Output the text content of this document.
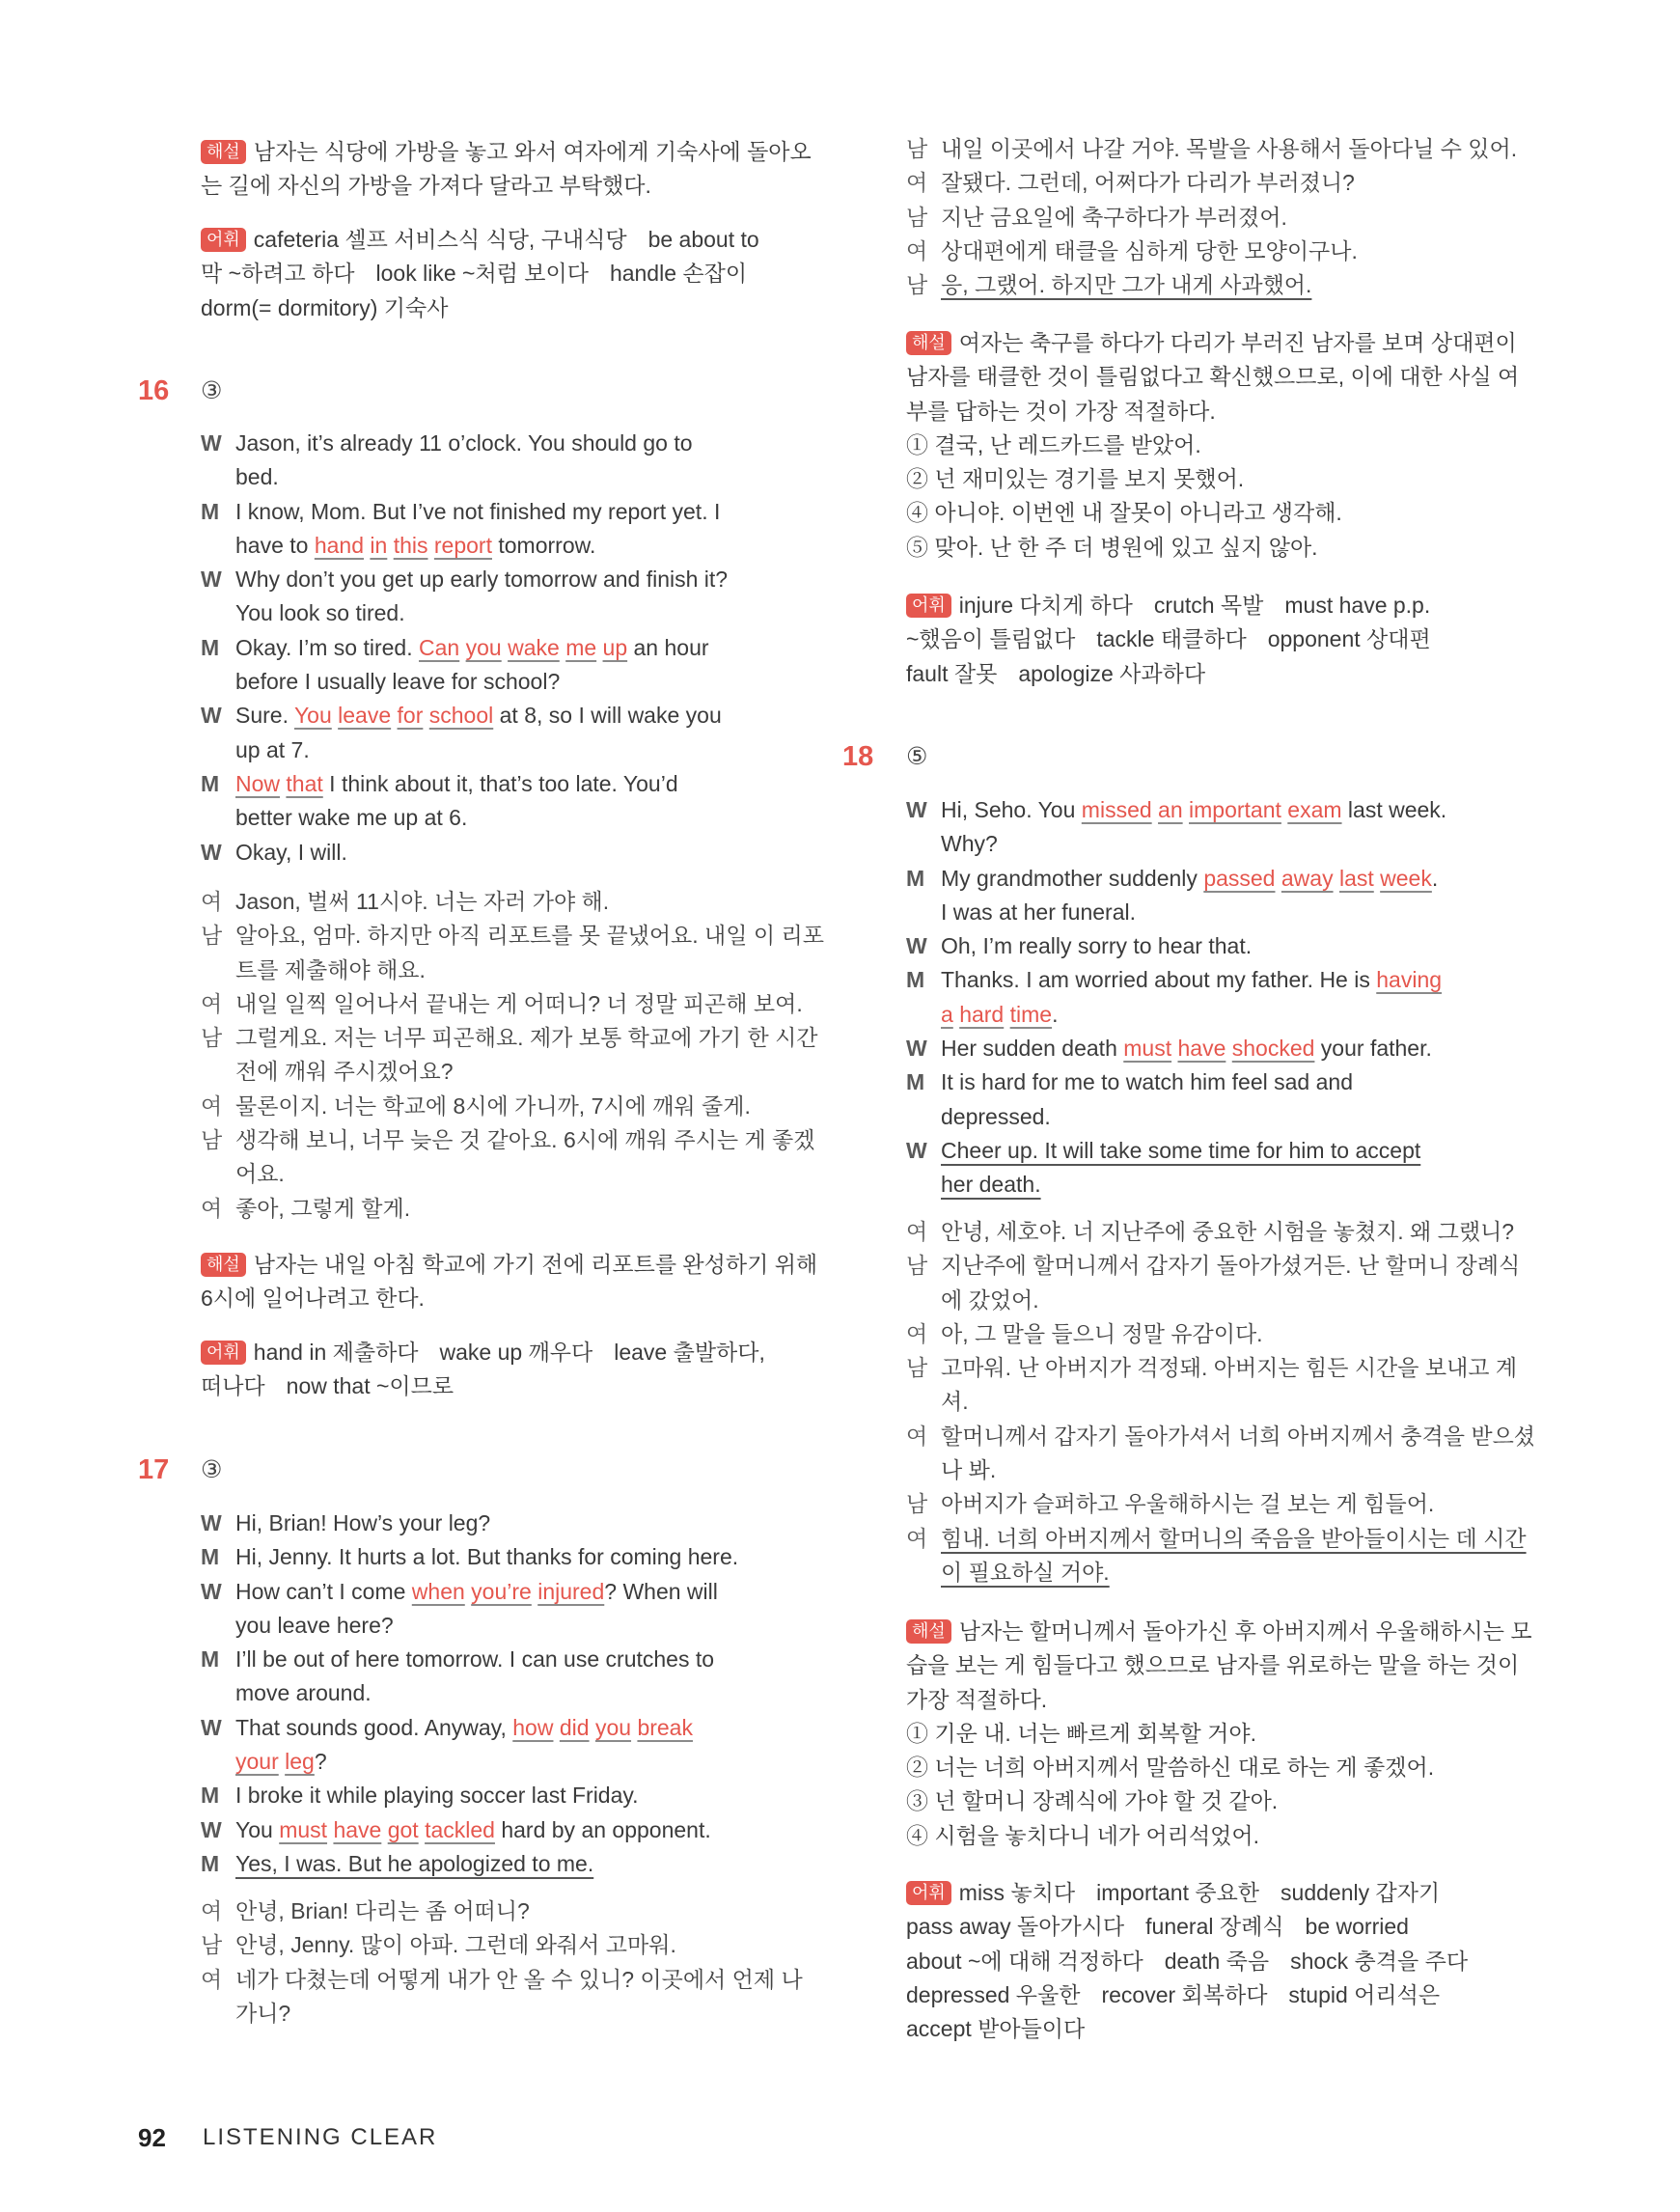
해설 남자는 식당에 가방을 놓고 와서 여자에게 기숙사에 돌아오
는 길에 자신의 가방을 가져다 달라고 부탁했다.
어휘 cafeteria 셀프 서비스식 식당, 구내식당 be about to
막 ~하려고 하다 look like ~처럼 보이다 handle 손잡이
dorm(= dormitory) 기숙사
16 ③
W Jason, it’s already 11 o’clock. You should go to
bed.
M I know, Mom. But I’ve not finished my report yet. I
have to hand in this report tomorrow.
W Why don’t you get up early tomorrow and finish it?
You look so tired.
M Okay. I’m so tired. Can you wake me up an hour
before I usually leave for school?
W Sure. You leave for school at 8, so I will wake you
up at 7.
M Now that I think about it, that’s too late. You’d
better wake me up at 6.
W Okay, I will.
여 Jason, 벌써 11시야. 너는 자러 가야 해.
남 알아요, 엄마. 하지만 아직 리포트를 못 끝냈어요. 내일 이 리포
트를 제출해야 해요.
여 내일 일찍 일어나서 끝내는 게 어떠니? 너 정말 피곤해 보여.
남 그럴게요. 저는 너무 피곤해요. 제가 보통 학교에 가기 한 시간
전에 깨워 주시겠어요?
여 물론이지. 너는 학교에 8시에 가니까, 7시에 깨워 줄게.
남 생각해 보니, 너무 늦은 것 같아요. 6시에 깨워 주시는 게 좋겠
어요.
여 좋아, 그렇게 할게.
해설 남자는 내일 아침 학교에 가기 전에 리포트를 완성하기 위해
6시에 일어나려고 한다.
어휘 hand in 제출하다 wake up 깨우다 leave 출발하다,
떠나다 now that ~이므로
17 ③
W Hi, Brian! How’s your leg?
M Hi, Jenny. It hurts a lot. But thanks for coming here.
W How can’t I come when you’re injured? When will
you leave here?
M I’ll be out of here tomorrow. I can use crutches to
move around.
W That sounds good. Anyway, how did you break
your leg?
M I broke it while playing soccer last Friday.
W You must have got tackled hard by an opponent.
M Yes, I was. But he apologized to me.
여 안녕, Brian! 다리는 좀 어떠니?
남 안녕, Jenny. 많이 아파. 그런데 와줘서 고마워.
여 네가 다쳤는데 어떻게 내가 안 올 수 있니? 이곳에서 언제 나
가니?
남 내일 이곳에서 나갈 거야. 목발을 사용해서 돌아다닐 수 있어.
여 잘됐다. 그런데, 어쩌다가 다리가 부러졌니?
남 지난 금요일에 축구하다가 부러졌어.
여 상대편에게 태클을 심하게 당한 모양이구나.
남 응, 그랬어. 하지만 그가 내게 사과했어.
해설 여자는 축구를 하다가 다리가 부러진 남자를 보며 상대편이
남자를 태클한 것이 틀림없다고 확신했으므로, 이에 대한 사실 여
부를 답하는 것이 가장 적절하다.
① 결국, 난 레드카드를 받았어.
② 넌 재미있는 경기를 보지 못했어.
④ 아니야. 이번엔 내 잘못이 아니라고 생각해.
⑤ 맞아. 난 한 주 더 병원에 있고 싶지 않아.
어휘 injure 다치게 하다 crutch 목발 must have p.p.
~했음이 틀림없다 tackle 태클하다 opponent 상대편
fault 잘못 apologize 사과하다
18 ⑤
W Hi, Seho. You missed an important exam last week.
Why?
M My grandmother suddenly passed away last week.
I was at her funeral.
W Oh, I’m really sorry to hear that.
M Thanks. I am worried about my father. He is having
a hard time.
W Her sudden death must have shocked your father.
M It is hard for me to watch him feel sad and
depressed.
W Cheer up. It will take some time for him to accept
her death.
여 안녕, 세호야. 너 지난주에 중요한 시험을 놓쳤지. 왜 그랬니?
남 지난주에 할머니께서 갑자기 돌아가셨거든. 난 할머니 장례식
에 갔었어.
여 아, 그 말을 들으니 정말 유감이다.
남 고마워. 난 아버지가 걱정돼. 아버지는 힘든 시간을 보내고 계
셔.
여 할머니께서 갑자기 돌아가셔서 너희 아버지께서 충격을 받으셨
나 봐.
남 아버지가 슬퍼하고 우울해하시는 걸 보는 게 힘들어.
여 힘내. 너희 아버지께서 할머니의 죽음을 받아들이시는 데 시간
이 필요하실 거야.
해설 남자는 할머니께서 돌아가신 후 아버지께서 우울해하시는 모
습을 보는 게 힘들다고 했으므로 남자를 위로하는 말을 하는 것이
가장 적절하다.
① 기운 내. 너는 빠르게 회복할 거야.
② 너는 너희 아버지께서 말씀하신 대로 하는 게 좋겠어.
③ 넌 할머니 장례식에 가야 할 것 같아.
④ 시험을 놓치다니 네가 어리석었어.
어휘 miss 놓치다 important 중요한 suddenly 갑자기
pass away 돌아가시다 funeral 장례식 be worried
about ~에 대해 걱정하다 death 죽음 shock 충격을 주다
depressed 우울한 recover 회복하다 stupid 어리석은
accept 받아들이다
92 LISTENING CLEAR
